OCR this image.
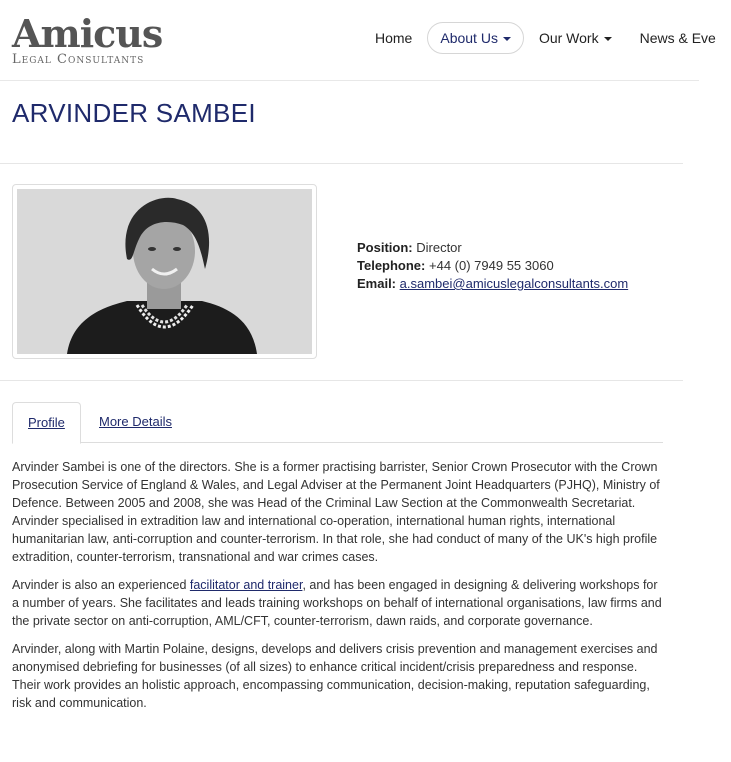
Amicus
Legal Consultants
Home About Us	Our Work	News & Eve
ARVINDER SAMBEI
Position: Director
Telephone: +44 (0) 7949 55 3060
Email: a.sambei@amicuslegalconsultants.com
Profile	More Details

Arvinder Sambei is one of the directors. She is a former practising barrister, Senior Crown Prosecutor with the Crown Prosecution Service of England & Wales, and Legal Adviser at the Permanent Joint Headquarters (PJHQ), Ministry of Defence. Between 2005 and 2008, she was Head of the Criminal Law Section at the Commonwealth Secretariat. Arvinder specialised in extradition law and international co-operation, international human rights, international humanitarian law, anti-corruption and counter-terrorism. In that role, she had conduct of many of the UK's high profile extradition, counter-terrorism, transnational and war crimes cases.

Arvinder is also an experienced facilitator and trainer, and has been engaged in designing & delivering workshops for a number of years. She facilitates and leads training workshops on behalf of international organisations, law firms and the private sector on anti-corruption, AML/CFT, counter-terrorism, dawn raids, and corporate governance.

Arvinder, along with Martin Polaine, designs, develops and delivers crisis prevention and management exercises and anonymised debriefing for businesses (of all sizes) to enhance critical incident/crisis preparedness and response. Their work provides an holistic approach, encompassing communication, decision-making, reputation safeguarding, risk and communication.
